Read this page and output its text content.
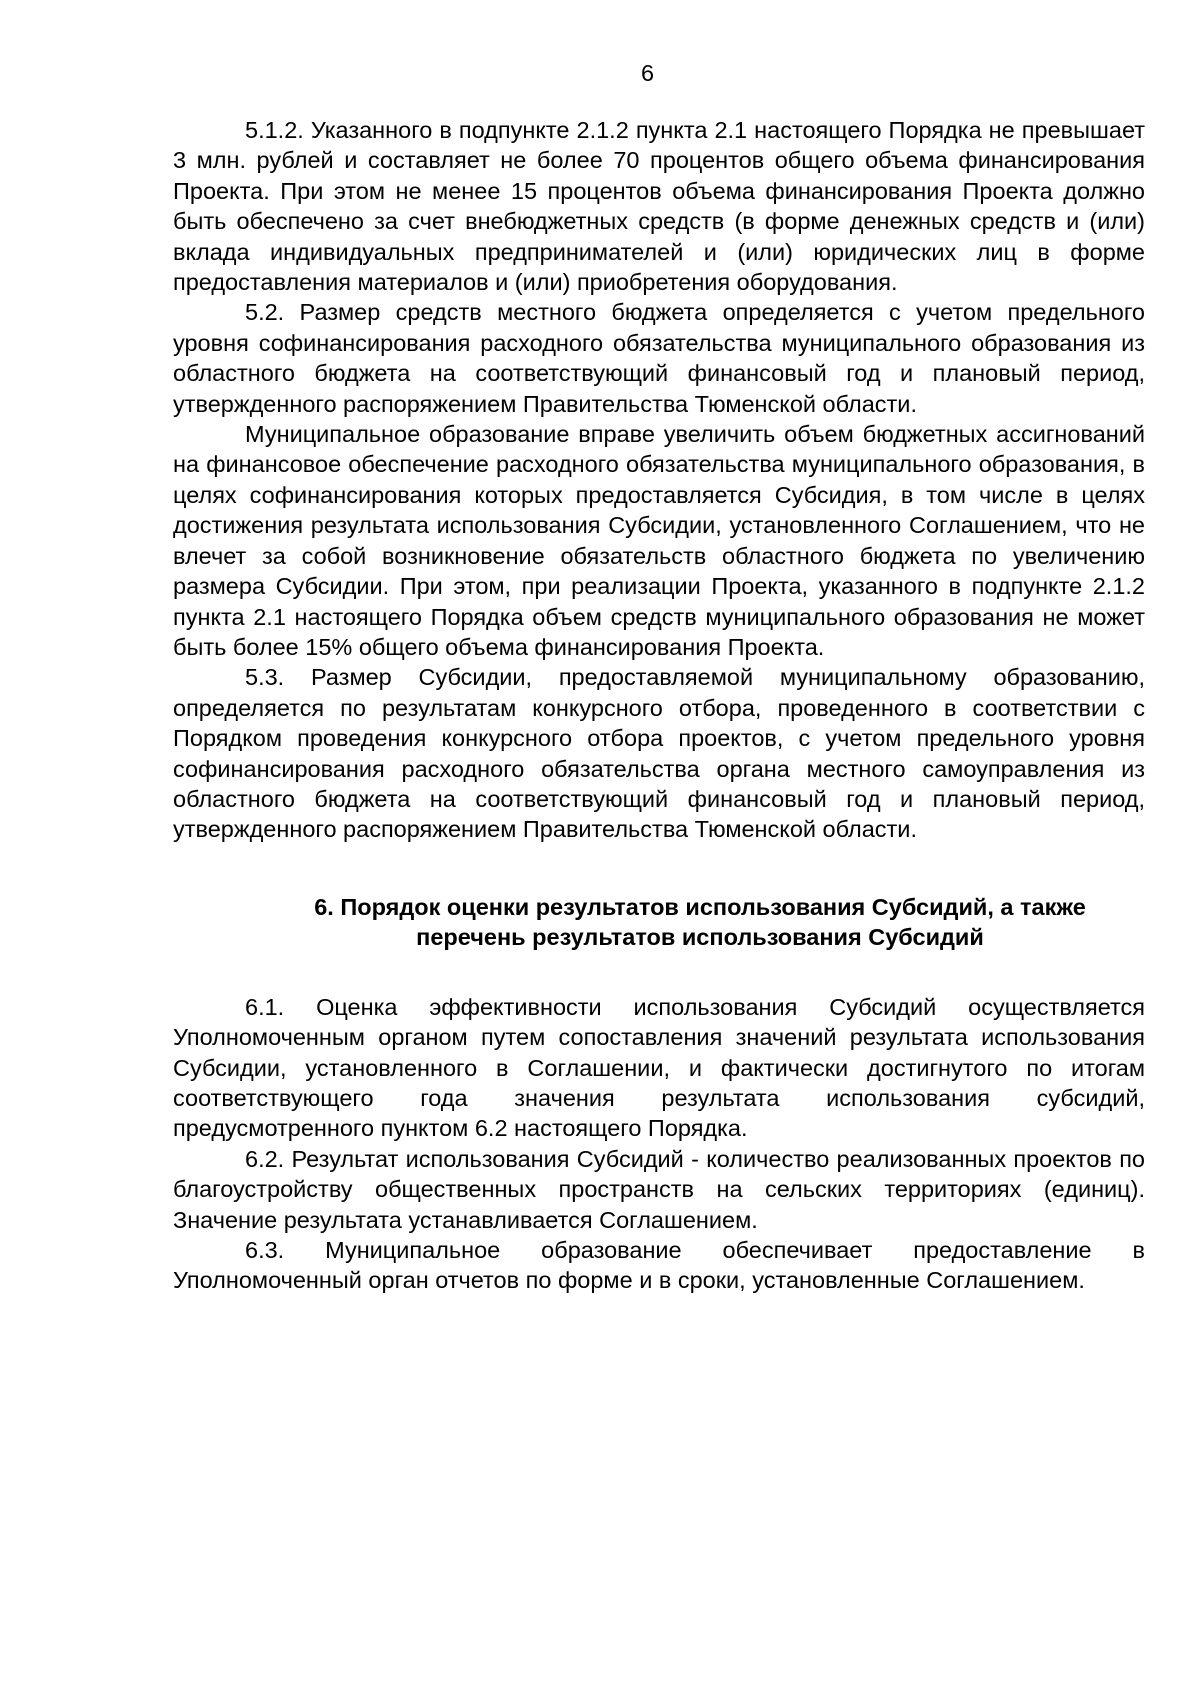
6

5.1.2. Указанного в подпункте 2.1.2 пункта 2.1 настоящего Порядка не превышает 3 млн. рублей и составляет не более 70 процентов общего объема финансирования Проекта. При этом не менее 15 процентов объема финансирования Проекта должно быть обеспечено за счет внебюджетных средств (в форме денежных средств и (или) вклада индивидуальных предпринимателей и (или) юридических лиц в форме предоставления материалов и (или) приобретения оборудования.

5.2. Размер средств местного бюджета определяется с учетом предельного уровня софинансирования расходного обязательства муниципального образования из областного бюджета на соответствующий финансовый год и плановый период, утвержденного распоряжением Правительства Тюменской области.

Муниципальное образование вправе увеличить объем бюджетных ассигнований на финансовое обеспечение расходного обязательства муниципального образования, в целях софинансирования которых предоставляется Субсидия, в том числе в целях достижения результата использования Субсидии, установленного Соглашением, что не влечет за собой возникновение обязательств областного бюджета по увеличению размера Субсидии. При этом, при реализации Проекта, указанного в подпункте 2.1.2 пункта 2.1 настоящего Порядка объем средств муниципального образования не может быть более 15% общего объема финансирования Проекта.

5.3. Размер Субсидии, предоставляемой муниципальному образованию, определяется по результатам конкурсного отбора, проведенного в соответствии с Порядком проведения конкурсного отбора проектов, с учетом предельного уровня софинансирования расходного обязательства органа местного самоуправления из областного бюджета на соответствующий финансовый год и плановый период, утвержденного распоряжением Правительства Тюменской области.

6. Порядок оценки результатов использования Субсидий, а также
перечень результатов использования Субсидий

6.1. Оценка эффективности использования Субсидий осуществляется Уполномоченным органом путем сопоставления значений результата использования Субсидии, установленного в Соглашении, и фактически достигнутого по итогам соответствующего года значения результата использования субсидий, предусмотренного пунктом 6.2 настоящего Порядка.

6.2. Результат использования Субсидий - количество реализованных проектов по благоустройству общественных пространств на сельских территориях (единиц). Значение результата устанавливается Соглашением.

6.3. Муниципальное образование обеспечивает предоставление в Уполномоченный орган отчетов по форме и в сроки, установленные Соглашением.
